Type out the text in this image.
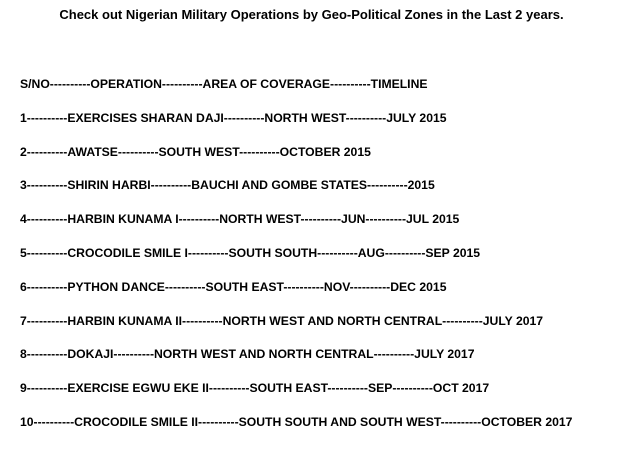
Check out Nigerian Military Operations by Geo-Political Zones in the Last 2 years.
S/NO----------OPERATION----------AREA OF COVERAGE----------TIMELINE
1----------EXERCISES SHARAN DAJI----------NORTH WEST----------JULY 2015
2----------AWATSE----------SOUTH WEST----------OCTOBER 2015
3----------SHIRIN HARBI----------BAUCHI AND GOMBE STATES----------2015
4----------HARBIN KUNAMA I----------NORTH WEST----------JUN----------JUL 2015
5----------CROCODILE SMILE I----------SOUTH SOUTH----------AUG----------SEP 2015
6----------PYTHON DANCE----------SOUTH EAST----------NOV----------DEC 2015
7----------HARBIN KUNAMA II----------NORTH WEST AND NORTH CENTRAL----------JULY 2017
8----------DOKAJI----------NORTH WEST AND NORTH CENTRAL----------JULY 2017
9----------EXERCISE EGWU EKE II----------SOUTH EAST----------SEP----------OCT 2017
10----------CROCODILE SMILE II----------SOUTH SOUTH AND SOUTH WEST----------OCTOBER 2017
